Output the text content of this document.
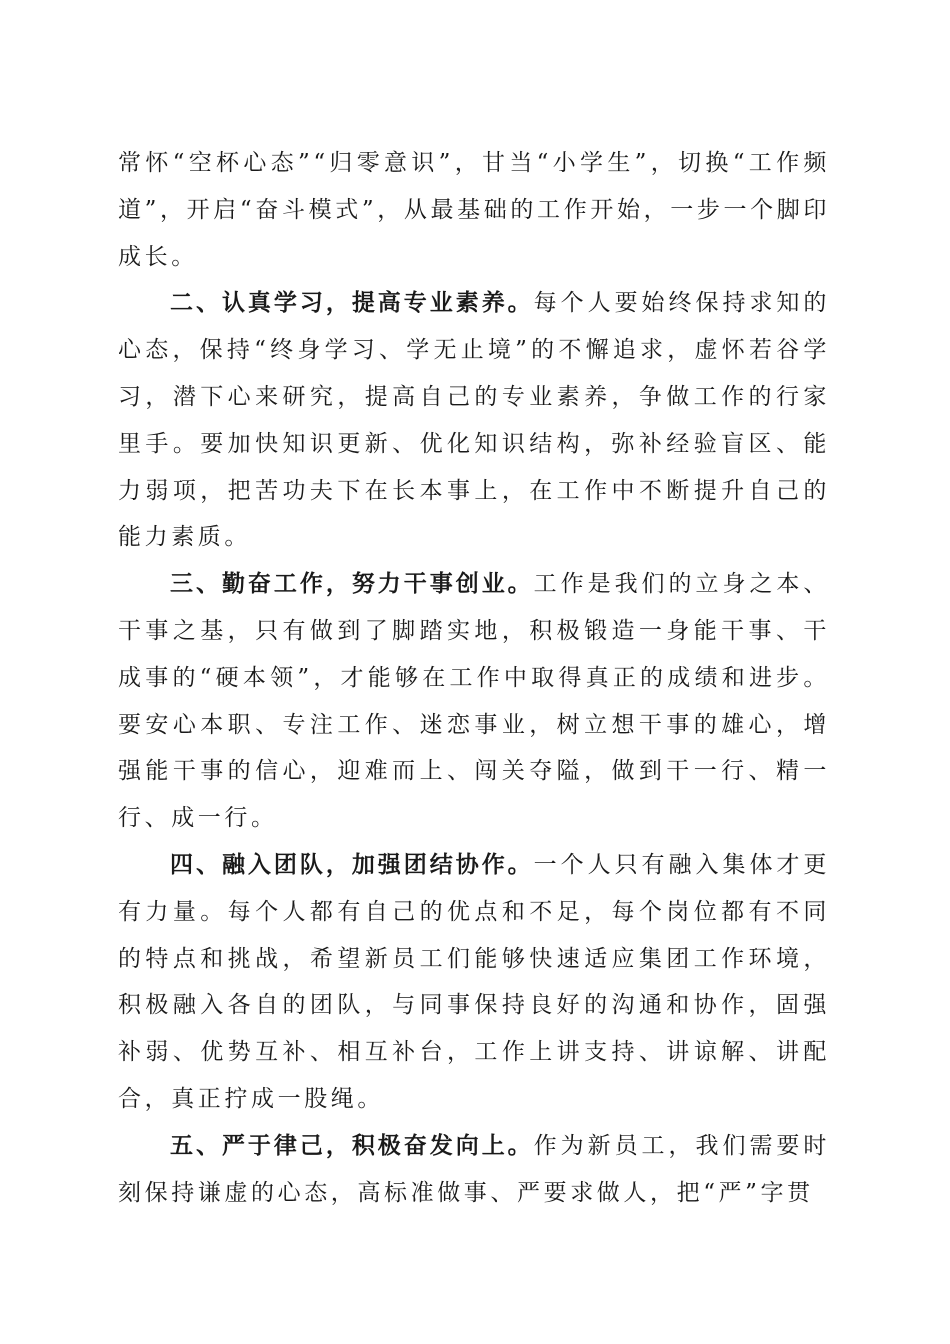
常怀“空杯心态”“归零意识”，甘当“小学生”，切换“工作频道”，开启“奋斗模式”，从最基础的工作开始，一步一个脚印成长。

二、认真学习，提高专业素养。每个人要始终保持求知的心态，保持“终身学习、学无止境”的不懈追求，虚怀若谷学习，潜下心来研究，提高自己的专业素养，争做工作的行家里手。要加快知识更新、优化知识结构，弥补经验盲区、能力弱项，把苦功夫下在长本事上，在工作中不断提升自己的能力素质。

三、勤奋工作，努力干事创业。工作是我们的立身之本、干事之基，只有做到了脚踏实地，积极锻造一身能干事、干成事的“硬本领”，才能够在工作中取得真正的成绩和进步。要安心本职、专注工作、迷恋事业，树立想干事的雄心，增强能干事的信心，迎难而上、闯关夺隘，做到干一行、精一行、成一行。

四、融入团队，加强团结协作。一个人只有融入集体才更有力量。每个人都有自己的优点和不足，每个岗位都有不同的特点和挑战，希望新员工们能够快速适应集团工作环境，积极融入各自的团队，与同事保持良好的沟通和协作，固强补弱、优势互补、相互补台，工作上讲支持、讲谅解、讲配合，真正拧成一股绳。

五、严于律己，积极奋发向上。作为新员工，我们需要时刻保持谦虚的心态，高标准做事、严要求做人，把“严”字贯
